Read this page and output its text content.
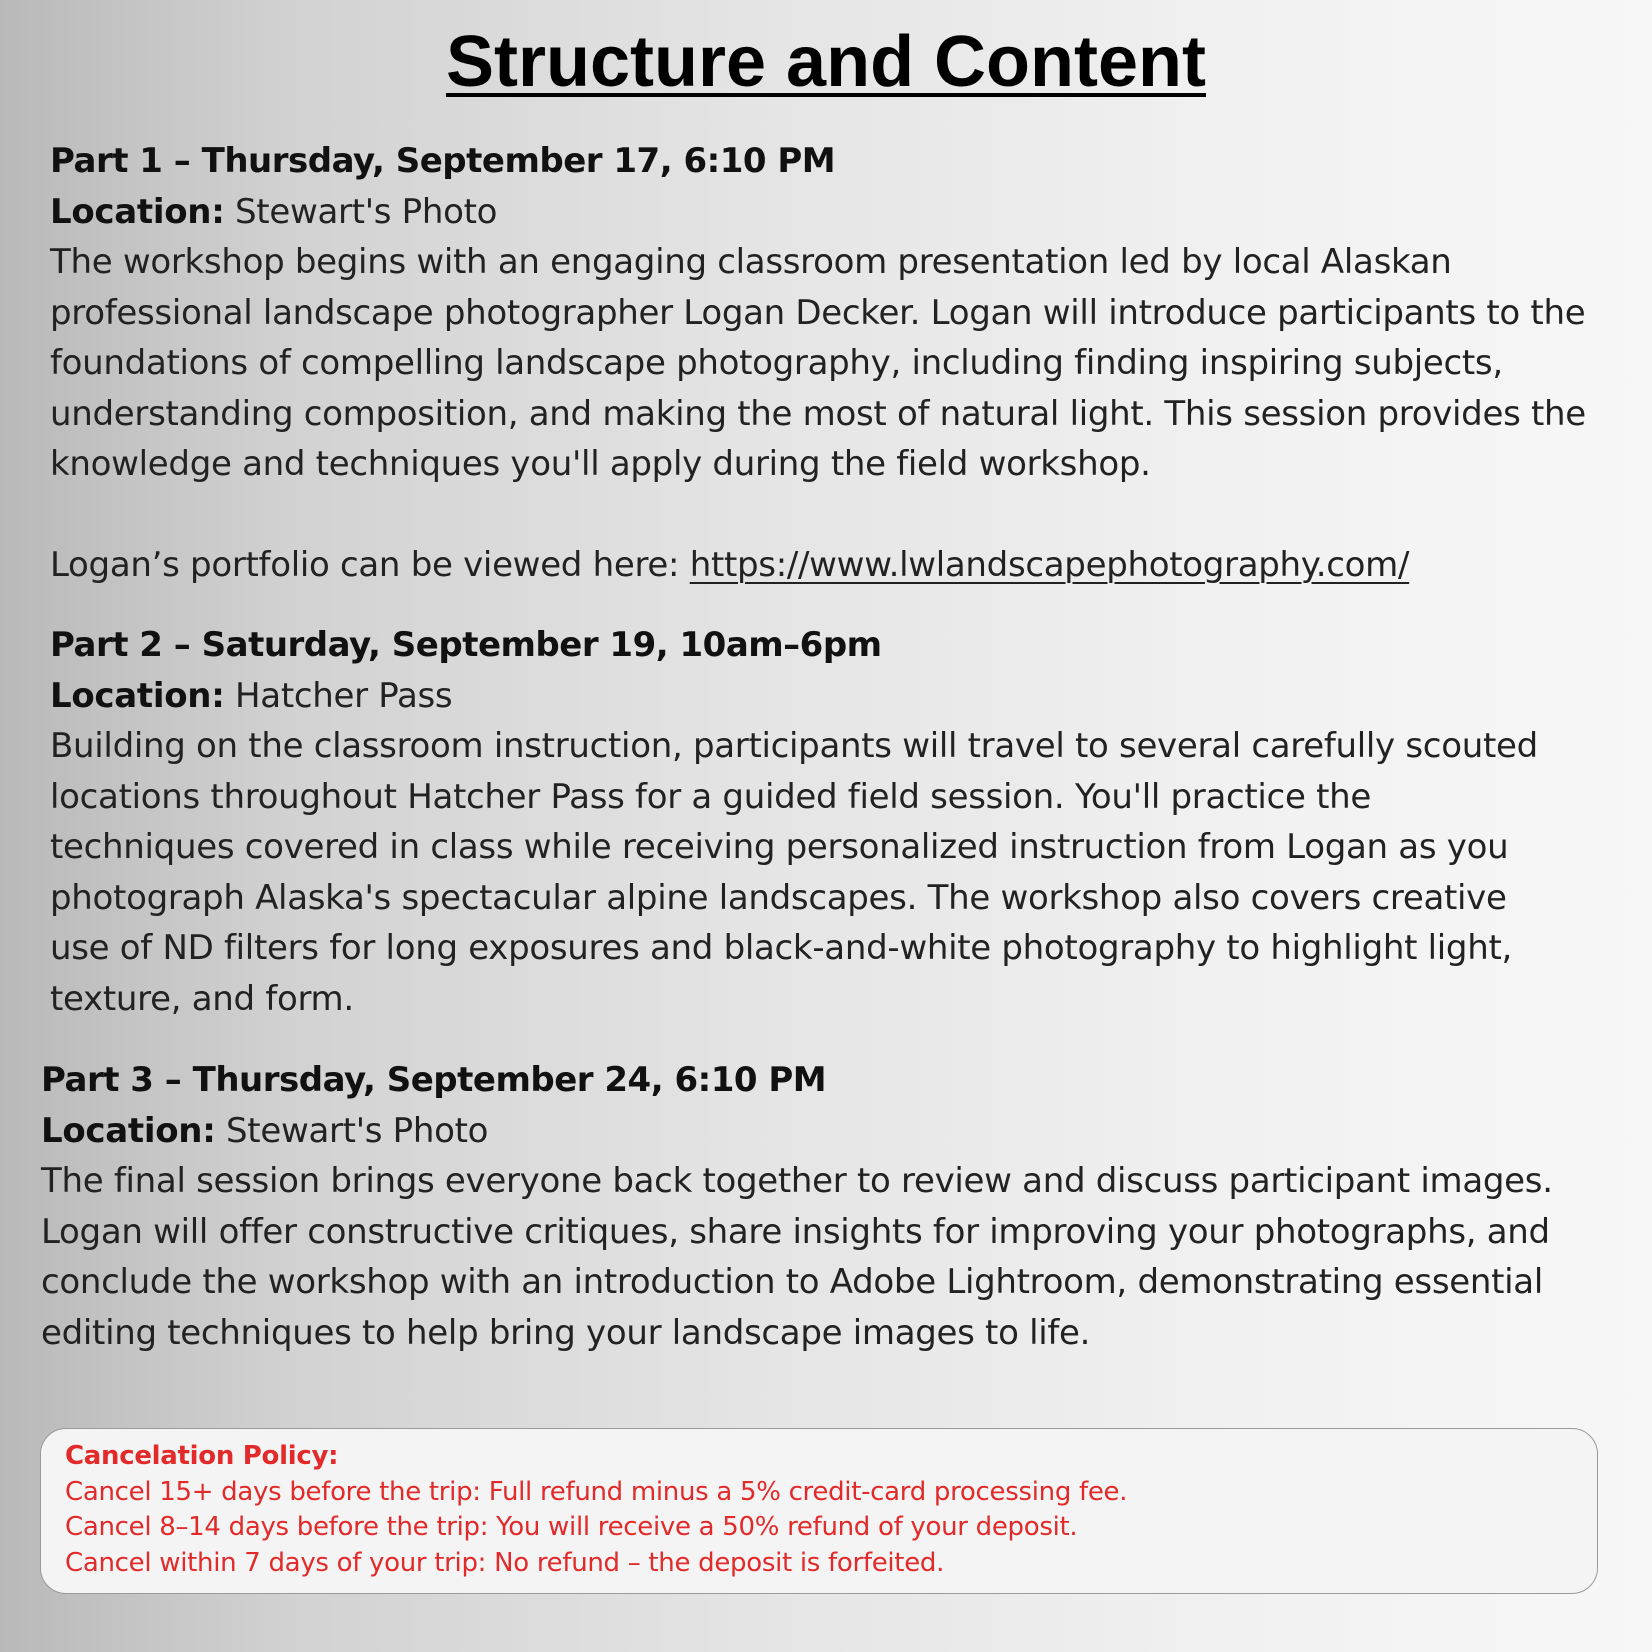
Structure and Content

Part 1 – Thursday, September 17, 6:10 PM

Location: Stewart's Photo

The workshop begins with an engaging classroom presentation led by local Alaskan professional landscape photographer Logan Decker. Logan will introduce participants to the foundations of compelling landscape photography, including finding inspiring subjects, understanding composition, and making the most of natural light. This session provides the knowledge and techniques you'll apply during the field workshop.

Logan’s portfolio can be viewed here: https://www.lwlandscapephotography.com/

Part 2 – Saturday, September 19, 10am–6pm

Location: Hatcher Pass

Building on the classroom instruction, participants will travel to several carefully scouted locations throughout Hatcher Pass for a guided field session. You'll practice the techniques covered in class while receiving personalized instruction from Logan as you photograph Alaska's spectacular alpine landscapes. The workshop also covers creative use of ND filters for long exposures and black-and-white photography to highlight light, texture, and form.

Part 3 – Thursday, September 24, 6:10 PM

Location: Stewart's Photo

The final session brings everyone back together to review and discuss participant images. Logan will offer constructive critiques, share insights for improving your photographs, and conclude the workshop with an introduction to Adobe Lightroom, demonstrating essential editing techniques to help bring your landscape images to life.

Cancelation Policy:

Cancel 15+ days before the trip: Full refund minus a 5% credit-card processing fee.

Cancel 8–14 days before the trip: You will receive a 50% refund of your deposit.

Cancel within 7 days of your trip: No refund – the deposit is forfeited.
